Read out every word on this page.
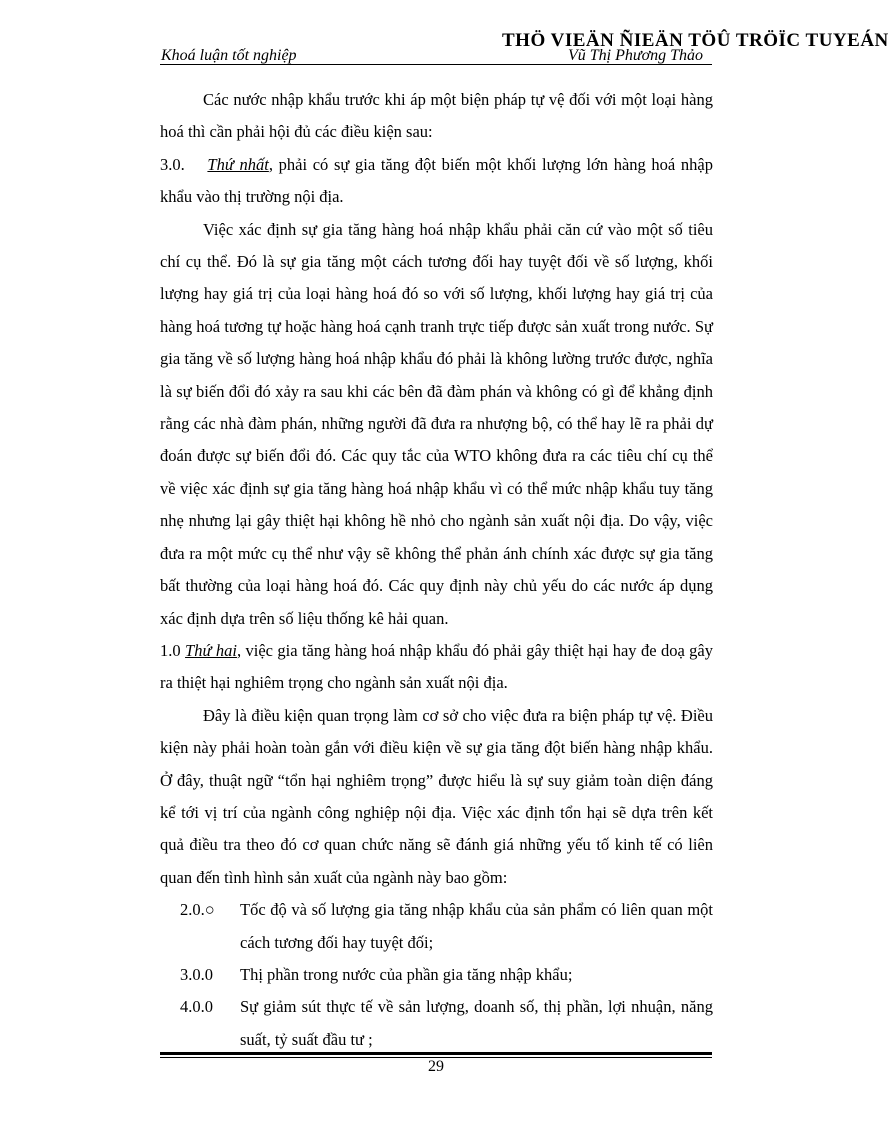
THÖ VIEÄN ÑIEÄN TÖÛ TRÖÏC TUYEÁN
Khoá luận tốt nghiệp	Vũ Thị Phương Thảo

Các nước nhập khẩu trước khi áp một biện pháp tự vệ đối với một loại hàng hoá thì cần phải hội đủ các điều kiện sau:

3.0. Thứ nhất, phải có sự gia tăng đột biến một khối lượng lớn hàng hoá nhập khẩu vào thị trường nội địa.

Việc xác định sự gia tăng hàng hoá nhập khẩu phải căn cứ vào một số tiêu chí cụ thể. Đó là sự gia tăng một cách tương đối hay tuyệt đối về số lượng, khối lượng hay giá trị của loại hàng hoá đó so với số lượng, khối lượng hay giá trị của hàng hoá tương tự hoặc hàng hoá cạnh tranh trực tiếp được sản xuất trong nước. Sự gia tăng về số lượng hàng hoá nhập khẩu đó phải là không lường trước được, nghĩa là sự biến đổi đó xảy ra sau khi các bên đã đàm phán và không có gì để khẳng định rằng các nhà đàm phán, những người đã đưa ra nhượng bộ, có thể hay lẽ ra phải dự đoán được sự biến đổi đó. Các quy tắc của WTO không đưa ra các tiêu chí cụ thể về việc xác định sự gia tăng hàng hoá nhập khẩu vì có thể mức nhập khẩu tuy tăng nhẹ nhưng lại gây thiệt hại không hề nhỏ cho ngành sản xuất nội địa. Do vậy, việc đưa ra một mức cụ thể như vậy sẽ không thể phản ánh chính xác được sự gia tăng bất thường của loại hàng hoá đó. Các quy định này chủ yếu do các nước áp dụng xác định dựa trên số liệu thống kê hải quan.

1.0 Thứ hai, việc gia tăng hàng hoá nhập khẩu đó phải gây thiệt hại hay đe doạ gây ra thiệt hại nghiêm trọng cho ngành sản xuất nội địa.

Đây là điều kiện quan trọng làm cơ sở cho việc đưa ra biện pháp tự vệ. Điều kiện này phải hoàn toàn gắn với điều kiện về sự gia tăng đột biến hàng nhập khẩu. Ở đây, thuật ngữ “tổn hại nghiêm trọng” được hiểu là sự suy giảm toàn diện đáng kể tới vị trí của ngành công nghiệp nội địa. Việc xác định tổn hại sẽ dựa trên kết quả điều tra theo đó cơ quan chức năng sẽ đánh giá những yếu tố kinh tế có liên quan đến tình hình sản xuất của ngành này bao gồm:

2.0.○	Tốc độ và số lượng gia tăng nhập khẩu của sản phẩm có liên quan một cách tương đối hay tuyệt đối;
3.0.0	Thị phần trong nước của phần gia tăng nhập khẩu;
4.0.0	Sự giảm sút thực tế về sản lượng, doanh số, thị phần, lợi nhuận, năng suất, tỷ suất đầu tư ;
29
